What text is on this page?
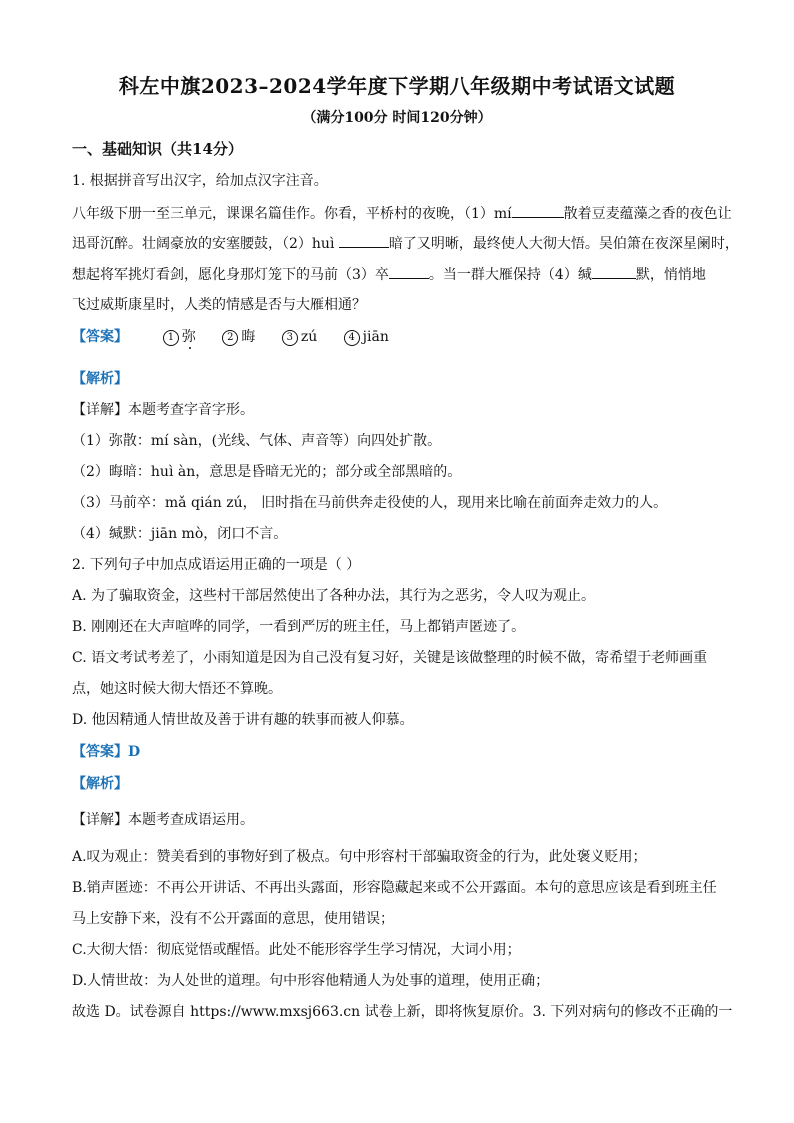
科左中旗2023–2024学年度下学期八年级期中考试语文试题
（满分100分 时间120分钟）
一、基础知识（共14分）
1. 根据拼音写出汉字，给加点汉字注音。
八年级下册一至三单元，课课名篇佳作。你看，平桥村的夜晚，（1）mí	散着豆麦蕴藻之香的夜色让
迅哥沉醉。壮阔豪放的安塞腰鼓，（2）huì	暗了又明晰，最终使人大彻大悟。吴伯箫在夜深星阑时，
想起将军挑灯看剑，愿化身那灯笼下的马前（3）卒	。当一群大雁保持（4）缄	默，悄悄地
飞过威斯康星时，人类的情感是否与大雁相通？
【答案】	1 弥	2 晦	3 zú	4 jiān
【解析】
【详解】本题考查字音字形。
（1）弥散：mí sàn，(光线、气体、声音等）向四处扩散。
（2）晦暗：huì àn，意思是昏暗无光的；部分或全部黑暗的。
（3）马前卒：mǎ qián zú， 旧时指在马前供奔走役使的人，现用来比喻在前面奔走效力的人。
（4）缄默：jiān mò，闭口不言。
2. 下列句子中加点成语运用正确的一项是（ ）
A. 为了骗取资金，这些村干部居然使出了各种办法，其行为之恶劣，令人叹为观止。
B. 刚刚还在大声喧哗的同学，一看到严厉的班主任，马上都销声匿迹了。
C. 语文考试考差了，小雨知道是因为自己没有复习好，关键是该做整理的时候不做，寄希望于老师画重
点，她这时候大彻大悟还不算晚。
D. 他因精通人情世故及善于讲有趣的轶事而被人仰慕。
【答案】D
【解析】
【详解】本题考查成语运用。
A.叹为观止：赞美看到的事物好到了极点。句中形容村干部骗取资金的行为，此处褒义贬用；
B.销声匿迹：不再公开讲话、不再出头露面，形容隐藏起来或不公开露面。本句的意思应该是看到班主任
马上安静下来，没有不公开露面的意思，使用错误；
C.大彻大悟：彻底觉悟或醒悟。此处不能形容学生学习情况，大词小用；
D.人情世故：为人处世的道理。句中形容他精通人为处事的道理，使用正确；
故选 D。试卷源自 https://www.mxsj663.cn 试卷上新，即将恢复原价。3. 下列对病句的修改不正确的一
